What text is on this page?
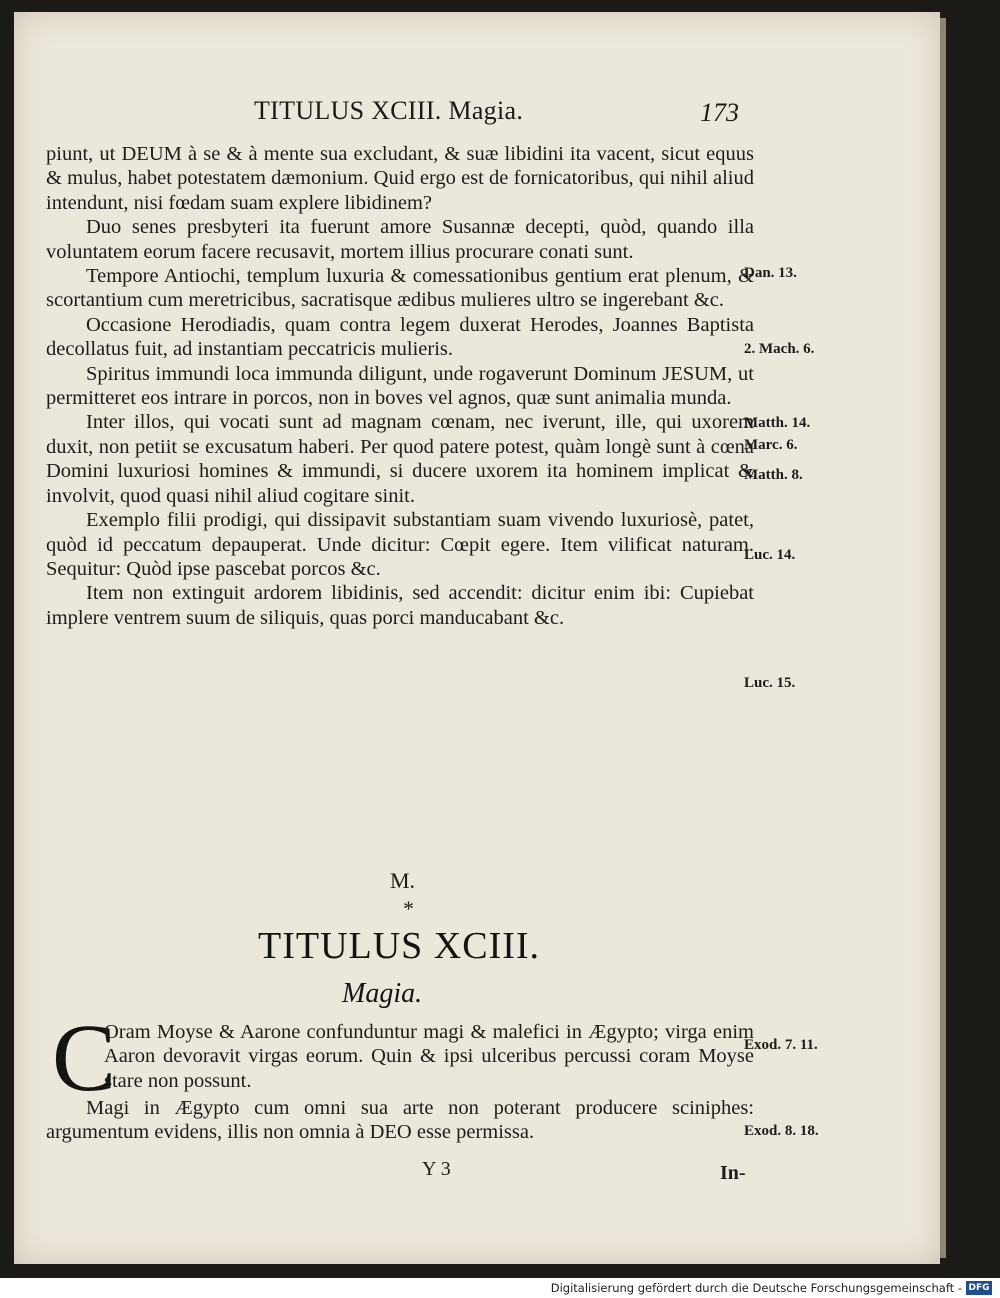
TITULUS XCIII. Magia.	173

piunt, ut DEUM à se & à mente sua excludant, & suæ libidini ita vacent, sicut equus & mulus, habet potestatem dæmonium. Quid ergo est de fornicatoribus, qui nihil aliud intendunt, nisi fœdam suam explere libidinem?

Duo senes presbyteri ita fuerunt amore Susannæ decepti, quòd, quando illa voluntatem eorum facere recusavit, mortem illius procurare conati sunt.

Tempore Antiochi, templum luxuria & comessationibus gentium erat plenum, & scortantium cum meretricibus, sacratisque ædibus mulieres ultro se ingerebant &c.

Occasione Herodiadis, quam contra legem duxerat Herodes, Joannes Baptista decollatus fuit, ad instantiam peccatricis mulieris.

Spiritus immundi loca immunda diligunt, unde rogaverunt Dominum JESUM, ut permitteret eos intrare in porcos, non in boves vel agnos, quæ sunt animalia munda.

Inter illos, qui vocati sunt ad magnam cœnam, nec iverunt, ille, qui uxorem duxit, non petiit se excusatum haberi. Per quod patere potest, quàm longè sunt à cœna Domini luxuriosi homines & immundi, si ducere uxorem ita hominem implicat & involvit, quod quasi nihil aliud cogitare sinit.

Exemplo filii prodigi, qui dissipavit substantiam suam vivendo luxuriosè, patet, quòd id peccatum depauperat. Unde dicitur: Cœpit egere. Item vilificat naturam. Sequitur: Quòd ipse pascebat porcos &c.

Item non extinguit ardorem libidinis, sed accendit: dicitur enim ibi: Cupiebat implere ventrem suum de siliquis, quas porci manducabant &c.

Dan. 13.
2. Mach. 6.
Matth. 14.
Marc. 6.
Matth. 8.
Luc. 14.
Luc. 15.
M.
*
TITULUS XCIII.
Magia.
C

Oram Moyse & Aarone confunduntur magi & malefici in Ægypto; virga enim Aaron devoravit virgas eorum. Quin & ipsi ulceribus percussi coram Moyse stare non possunt.

Magi in Ægypto cum omni sua arte non poterant producere sciniphes: argumentum evidens, illis non omnia à DEO esse permissa.

Exod. 7. 11.
Exod. 8. 18.
Y 3	In-
Digitalisierung gefördert durch die Deutsche Forschungsgemeinschaft - DFG
